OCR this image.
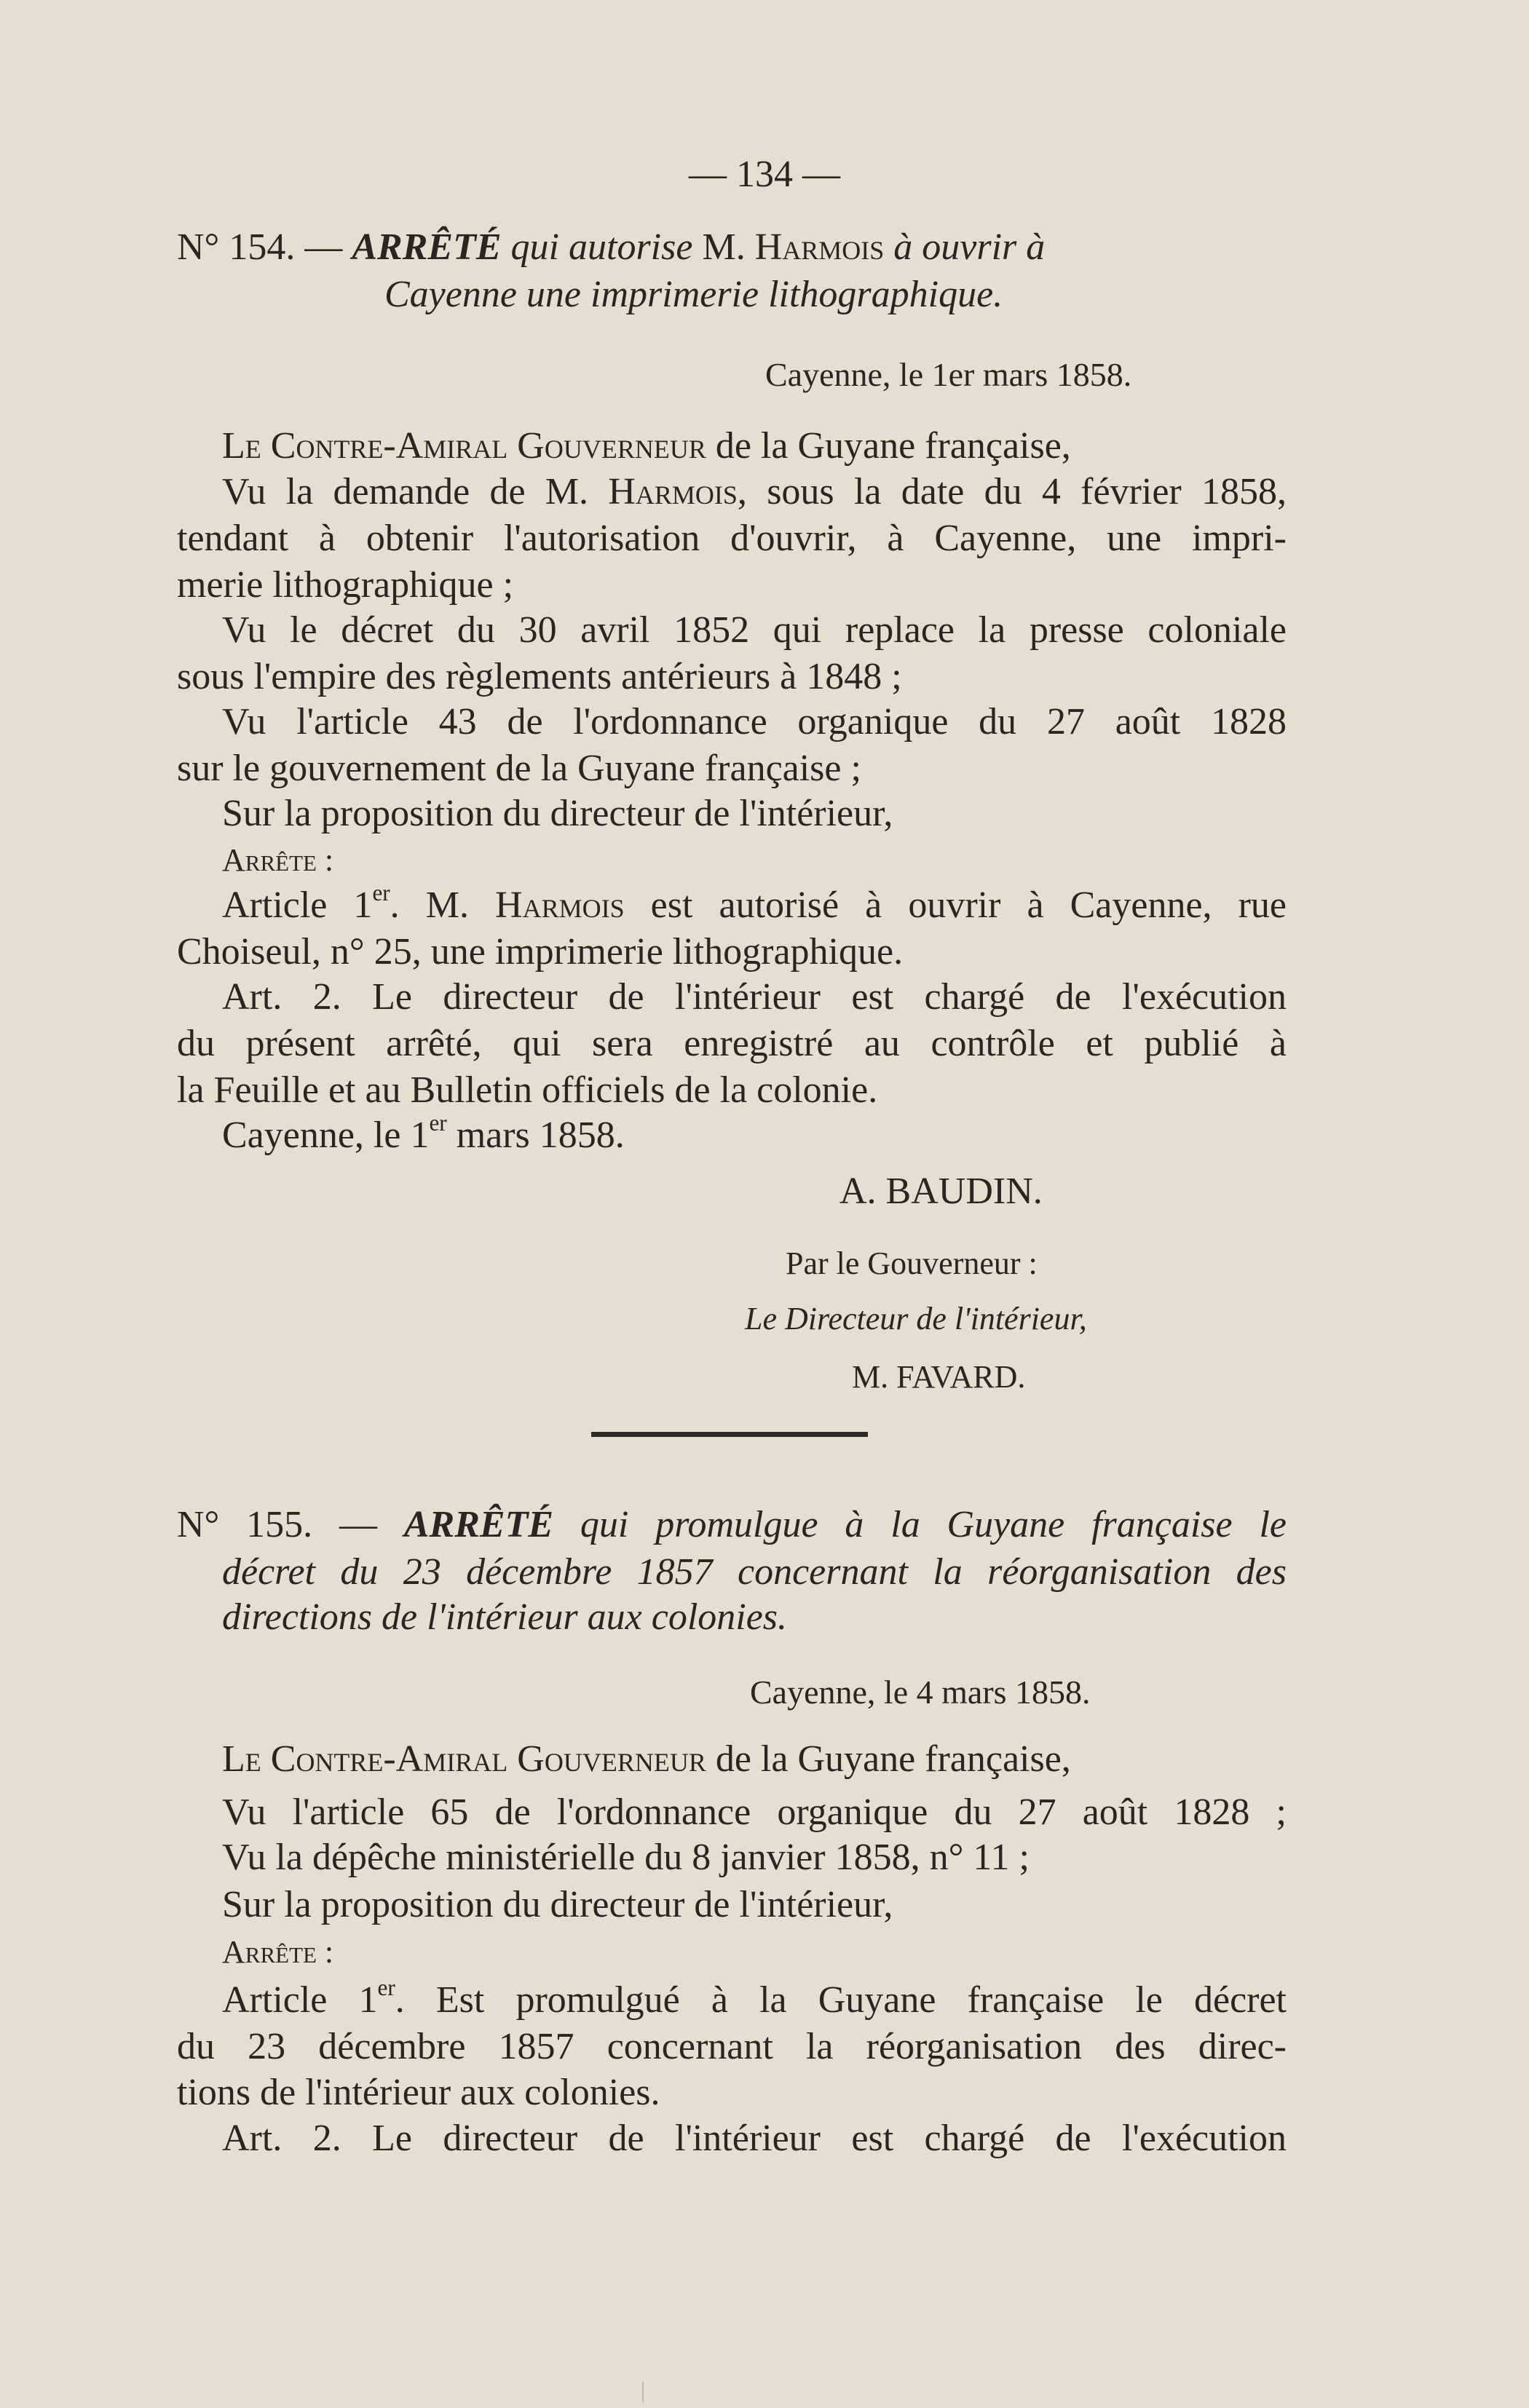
— 134 —
N° 154. — ARRÊTÉ qui autorise M. Harmois à ouvrir à
Cayenne une imprimerie lithographique.
Cayenne, le 1er mars 1858.
Le Contre-Amiral Gouverneur de la Guyane française,
Vu la demande de M. Harmois, sous la date du 4 février 1858,
tendant à obtenir l'autorisation d'ouvrir, à Cayenne, une impri-
merie lithographique ;
Vu le décret du 30 avril 1852 qui replace la presse coloniale
sous l'empire des règlements antérieurs à 1848 ;
Vu l'article 43 de l'ordonnance organique du 27 août 1828
sur le gouvernement de la Guyane française ;
Sur la proposition du directeur de l'intérieur,
Arrête :
Article 1er. M. Harmois est autorisé à ouvrir à Cayenne, rue
Choiseul, n° 25, une imprimerie lithographique.
Art. 2. Le directeur de l'intérieur est chargé de l'exécution
du présent arrêté, qui sera enregistré au contrôle et publié à
la Feuille et au Bulletin officiels de la colonie.
Cayenne, le 1er mars 1858.
A. BAUDIN.
Par le Gouverneur :
Le Directeur de l'intérieur,
M. FAVARD.
N° 155. — ARRÊTÉ qui promulgue à la Guyane française le
décret du 23 décembre 1857 concernant la réorganisation des
directions de l'intérieur aux colonies.
Cayenne, le 4 mars 1858.
Le Contre-Amiral Gouverneur de la Guyane française,
Vu l'article 65 de l'ordonnance organique du 27 août 1828 ;
Vu la dépêche ministérielle du 8 janvier 1858, n° 11 ;
Sur la proposition du directeur de l'intérieur,
Arrête :
Article 1er. Est promulgué à la Guyane française le décret
du 23 décembre 1857 concernant la réorganisation des direc-
tions de l'intérieur aux colonies.
Art. 2. Le directeur de l'intérieur est chargé de l'exécution
